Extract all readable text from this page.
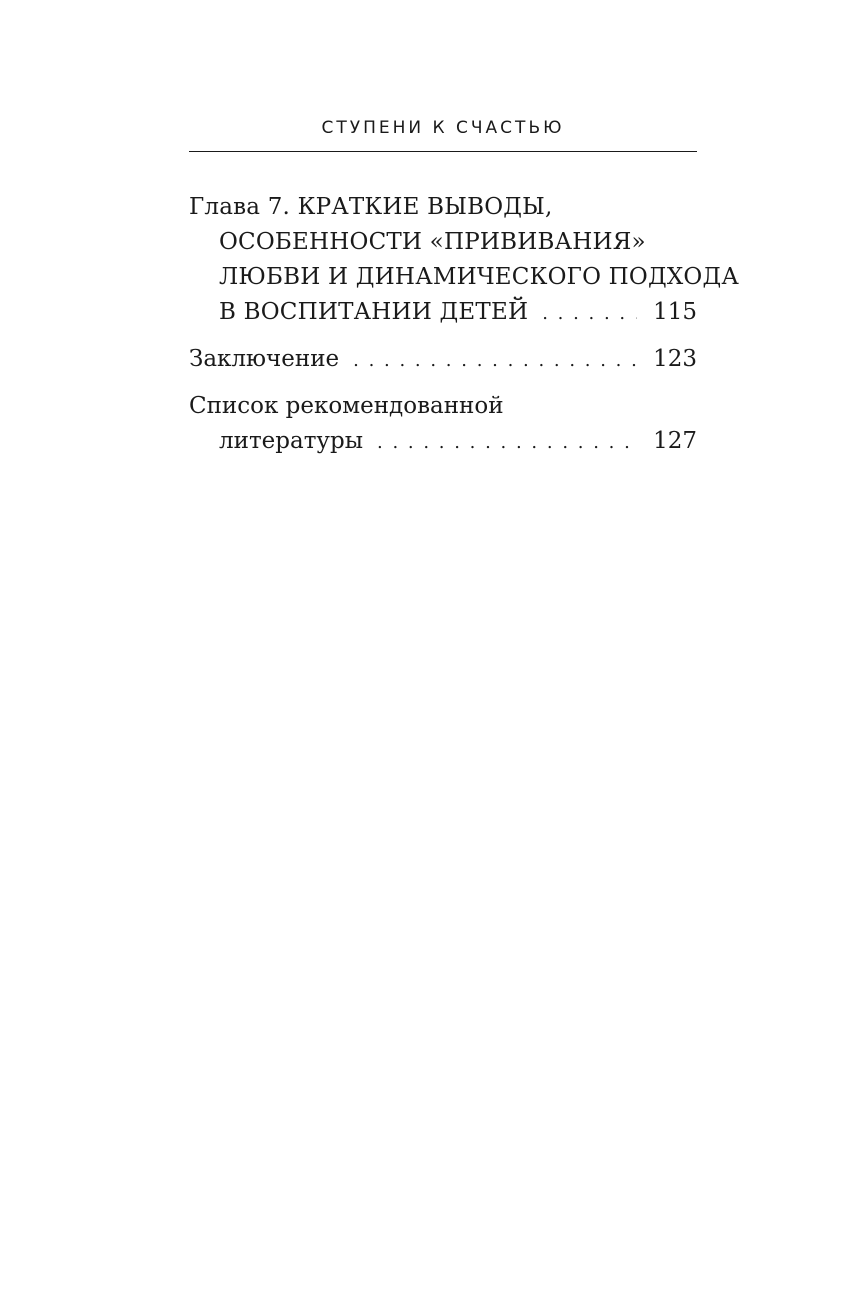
СТУПЕНИ К СЧАСТЬЮ
Глава 7. КРАТКИЕ ВЫВОДЫ,
ОСОБЕННОСТИ «ПРИВИВАНИЯ»
ЛЮБВИ И ДИНАМИЧЕСКОГО ПОДХОДА
В ВОСПИТАНИИ ДЕТЕЙ . . .	115
Заключение . . .	123
Список рекомендованной
литературы . . .	127
